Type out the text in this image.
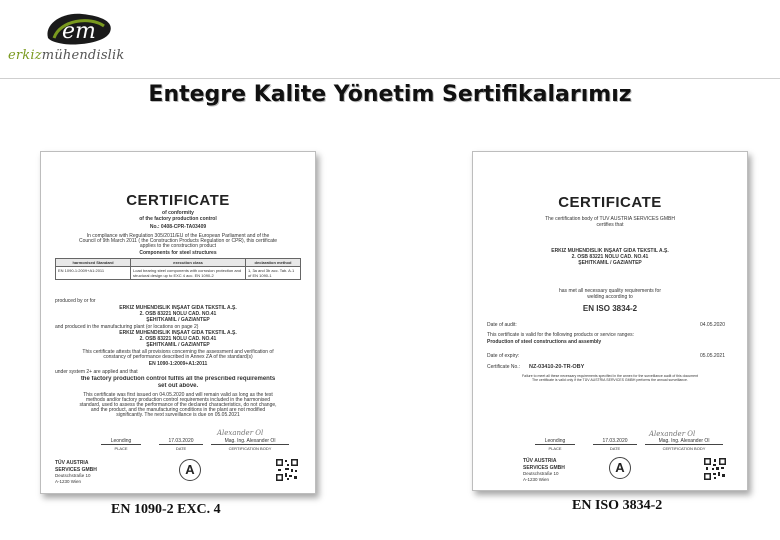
em
erkizmühendislik
Entegre Kalite Yönetim Sertifikalarımız
CERTIFICATE
of conformity
of the factory production control
No.: 0408-CPR-TA03409
In compliance with Regulation 305/2011/EU of the European Parliament and of the
Council of 9th March 2011 ( the Construction Products Regulation or CPR), this certificate
applies to the construction product
Components for steel structures
harmonised Standard	execution class	declaration method
EN 1090-1:2009+A1:2011	Load bearing steel components with corrosion protection and structural design up to EXC 4 acc. EN 1090-2	1, 3a and 3b acc. Tab. A.1 of EN 1090-1
produced by or for
ERKIZ MÜHENDISLIK INŞAAT GIDA TEKSTIL A.Ş.
2. OSB 83221 NOLU CAD. NO.41
ŞEHITKAMIL / GAZIANTEP
and produced in the manufacturing plant (or locations on page 2)
ERKIZ MÜHENDISLIK INŞAAT GIDA TEKSTIL A.Ş.
2. OSB 83221 NOLU CAD. NO.41
ŞEHITKAMIL / GAZIANTEP
This certificate attests that all provisions concerning the assessment and verification of
constancy of performance described in Annex ZA of the standard(s)
EN 1090-1:2009+A1:2011
under system 2+ are applied and that
the factory production control fulfils all the prescribed requirements
set out above.
This certificate was first issued on 04.05.2020 and will remain valid as long as the test
methods and/or factory production control requirements included in the harmonised
standard, used to assess the performance of the declared characteristics, do not change,
and the product, and the manufacturing conditions in the plant are not modified
significantly. The next surveillance is due on 05.05.2021
Alexander Ol
Leonding
PLACE
17.03.2020
DATE
Mag. Ing. Alexander Ol
CERTIFICATION BODY
TÜV AUSTRIA
SERVICES GMBH
Deutschstraße 10
A-1230 Wien
A
CERTIFICATE
The certification body of TÜV AUSTRIA SERVICES GMBH
certifies that
ERKIZ MÜHENDISLIK INŞAAT GIDA TEKSTIL A.Ş.
2. OSB 83221 NOLU CAD. NO.41
ŞEHITKAMIL / GAZIANTEP
has met all necessary quality requirements for
welding according to
EN ISO 3834-2
Date of audit:	04.05.2020
This certificate is valid for the following products or service ranges:
Production of steel constructions and assembly
Date of expiry:	05.05.2021
Certificate No.:	NZ-03410-20-TR-OBY
Failure to meet all these necessary requirements specified in the annex for the surveillance audit of this document
The certificate is valid only if the TÜV AUSTRIA SERVICES GMBH performs the annual surveillance.
Alexander Ol
Leonding
PLACE
17.03.2020
DATE
Mag. Ing. Alexander Ol
CERTIFICATION BODY
TÜV AUSTRIA
SERVICES GMBH
Deutschstraße 10
A-1230 Wien
A
EN 1090-2 EXC. 4	EN ISO 3834-2
